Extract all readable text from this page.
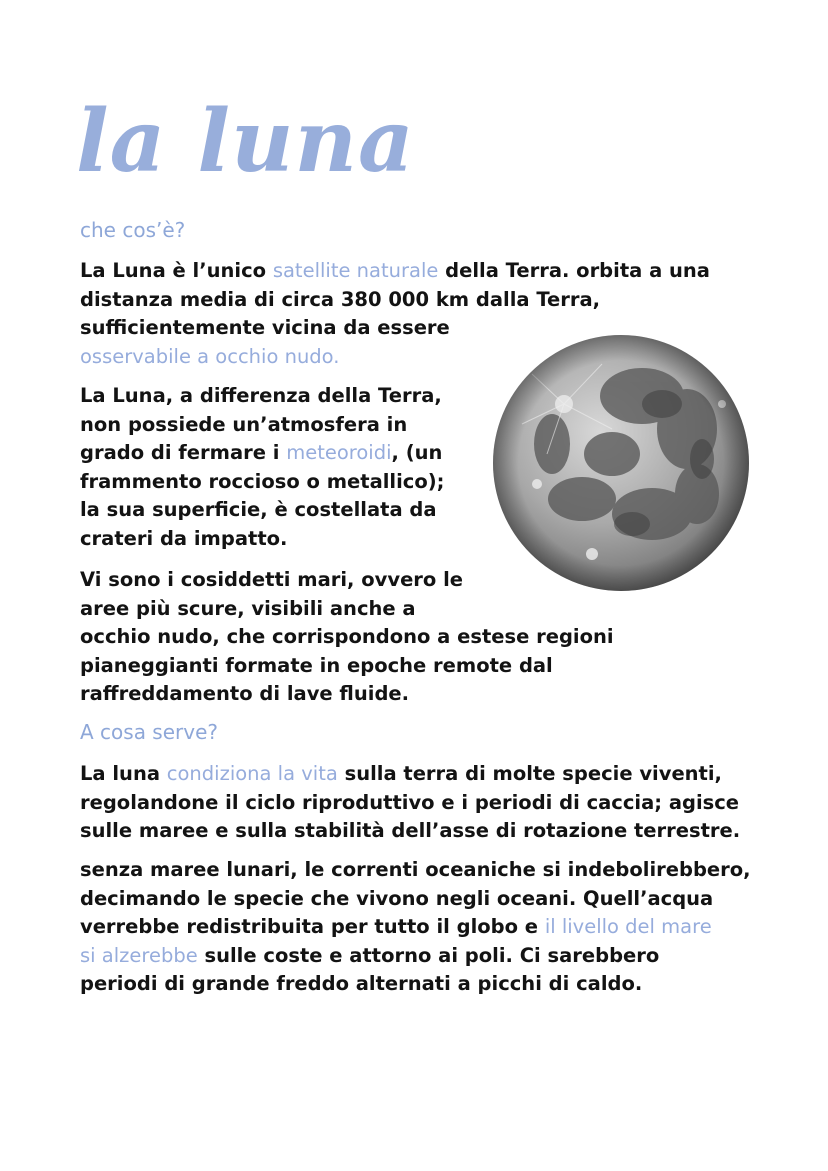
la luna
che cos’è?

La Luna è l’unico satellite naturale della Terra. orbita a una
distanza media di circa 380 000 km dalla Terra,
sufficientemente vicina da essere
osservabile a occhio nudo.

La Luna, a differenza della Terra,
non possiede un’atmosfera in
grado di fermare i meteoroidi, (un
frammento roccioso o metallico);
la sua superficie, è costellata da
crateri da impatto.

Vi sono i cosiddetti mari, ovvero le
aree più scure, visibili anche a
occhio nudo, che corrispondono a estese regioni
pianeggianti formate in epoche remote dal
raffreddamento di lave fluide.

A cosa serve?

La luna condiziona la vita sulla terra di molte specie viventi,
regolandone il ciclo riproduttivo e i periodi di caccia; agisce
sulle maree e sulla stabilità dell’asse di rotazione terrestre.

senza maree lunari, le correnti oceaniche si indebolirebbero,
decimando le specie che vivono negli oceani. Quell’acqua
verrebbe redistribuita per tutto il globo e il livello del mare
si alzerebbe sulle coste e attorno ai poli. Ci sarebbero
periodi di grande freddo alternati a picchi di caldo.
